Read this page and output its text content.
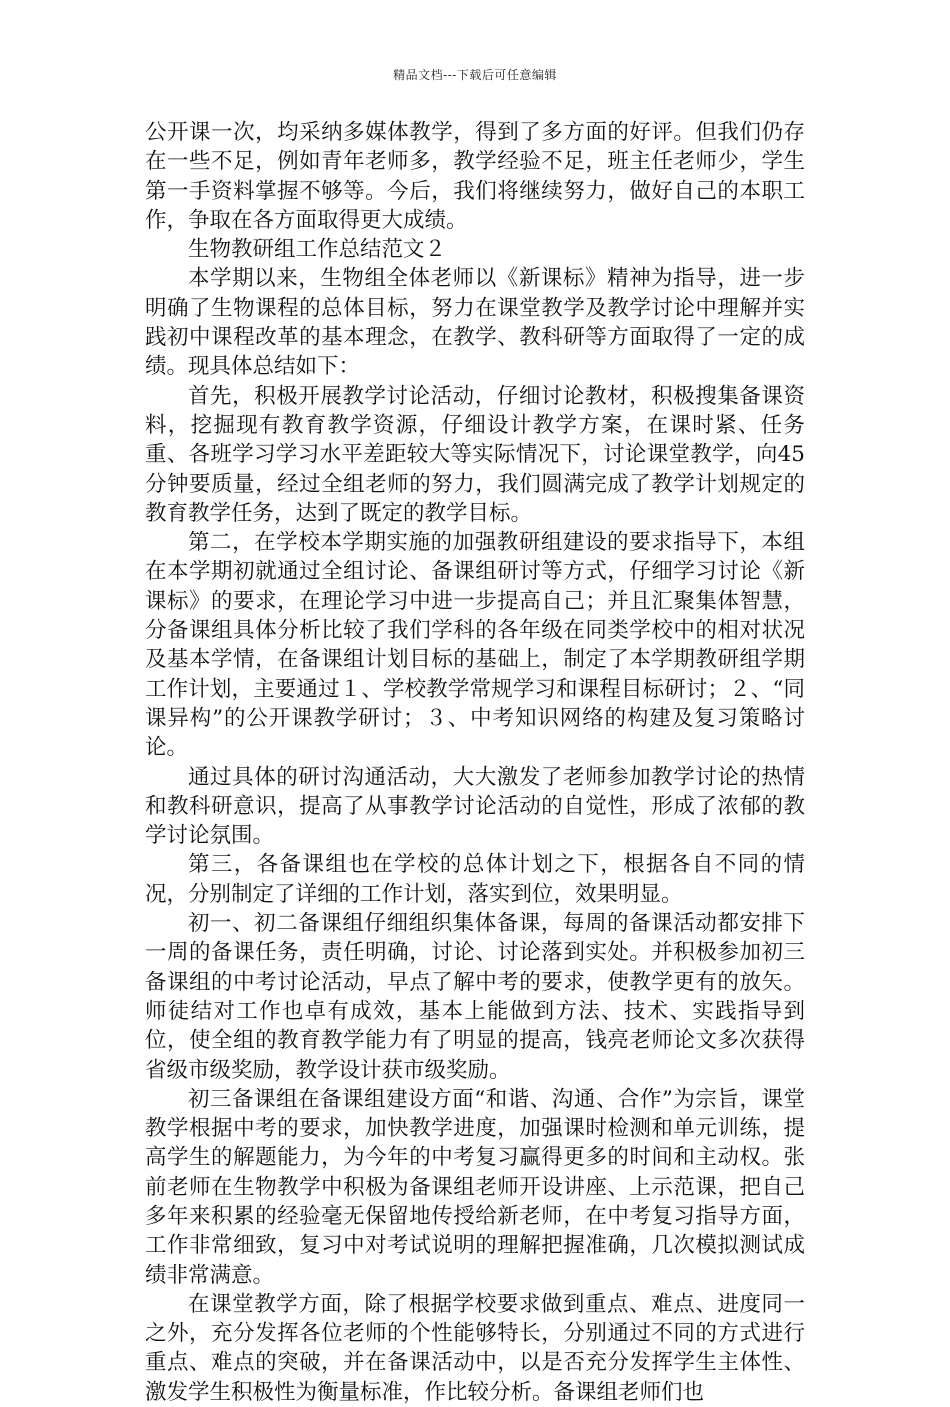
精品文档---下载后可任意编辑

公开课一次，均采纳多媒体教学，得到了多方面的好评。但我们仍存在一些不足，例如青年老师多，教学经验不足，班主任老师少，学生第一手资料掌握不够等。今后，我们将继续努力，做好自己的本职工作，争取在各方面取得更大成绩。

生物教研组工作总结范文２

本学期以来，生物组全体老师以《新课标》精神为指导，进一步明确了生物课程的总体目标，努力在课堂教学及教学讨论中理解并实践初中课程改革的基本理念，在教学、教科研等方面取得了一定的成绩。现具体总结如下：

首先，积极开展教学讨论活动，仔细讨论教材，积极搜集备课资料，挖掘现有教育教学资源，仔细设计教学方案，在课时紧、任务重、各班学习学习水平差距较大等实际情况下，讨论课堂教学，向45分钟要质量，经过全组老师的努力，我们圆满完成了教学计划规定的教育教学任务，达到了既定的教学目标。

第二，在学校本学期实施的加强教研组建设的要求指导下，本组在本学期初就通过全组讨论、备课组研讨等方式，仔细学习讨论《新课标》的要求，在理论学习中进一步提高自己；并且汇聚集体智慧，分备课组具体分析比较了我们学科的各年级在同类学校中的相对状况及基本学情，在备课组计划目标的基础上，制定了本学期教研组学期工作计划，主要通过１、学校教学常规学习和课程目标研讨；２、“同课异构”的公开课教学研讨；３、中考知识网络的构建及复习策略讨论。

通过具体的研讨沟通活动，大大激发了老师参加教学讨论的热情和教科研意识，提高了从事教学讨论活动的自觉性，形成了浓郁的教学讨论氛围。

第三，各备课组也在学校的总体计划之下，根据各自不同的情况，分别制定了详细的工作计划，落实到位，效果明显。

初一、初二备课组仔细组织集体备课，每周的备课活动都安排下一周的备课任务，责任明确，讨论、讨论落到实处。并积极参加初三备课组的中考讨论活动，早点了解中考的要求，使教学更有的放矢。师徒结对工作也卓有成效，基本上能做到方法、技术、实践指导到位，使全组的教育教学能力有了明显的提高，钱亮老师论文多次获得省级市级奖励，教学设计获市级奖励。

初三备课组在备课组建设方面“和谐、沟通、合作”为宗旨，课堂教学根据中考的要求，加快教学进度，加强课时检测和单元训练，提高学生的解题能力，为今年的中考复习赢得更多的时间和主动权。张前老师在生物教学中积极为备课组老师开设讲座、上示范课，把自己多年来积累的经验毫无保留地传授给新老师，在中考复习指导方面，工作非常细致，复习中对考试说明的理解把握准确，几次模拟测试成绩非常满意。

在课堂教学方面，除了根据学校要求做到重点、难点、进度同一之外，充分发挥各位老师的个性能够特长，分别通过不同的方式进行重点、难点的突破，并在备课活动中，以是否充分发挥学生主体性、激发学生积极性为衡量标准，作比较分析。备课组老师们也
